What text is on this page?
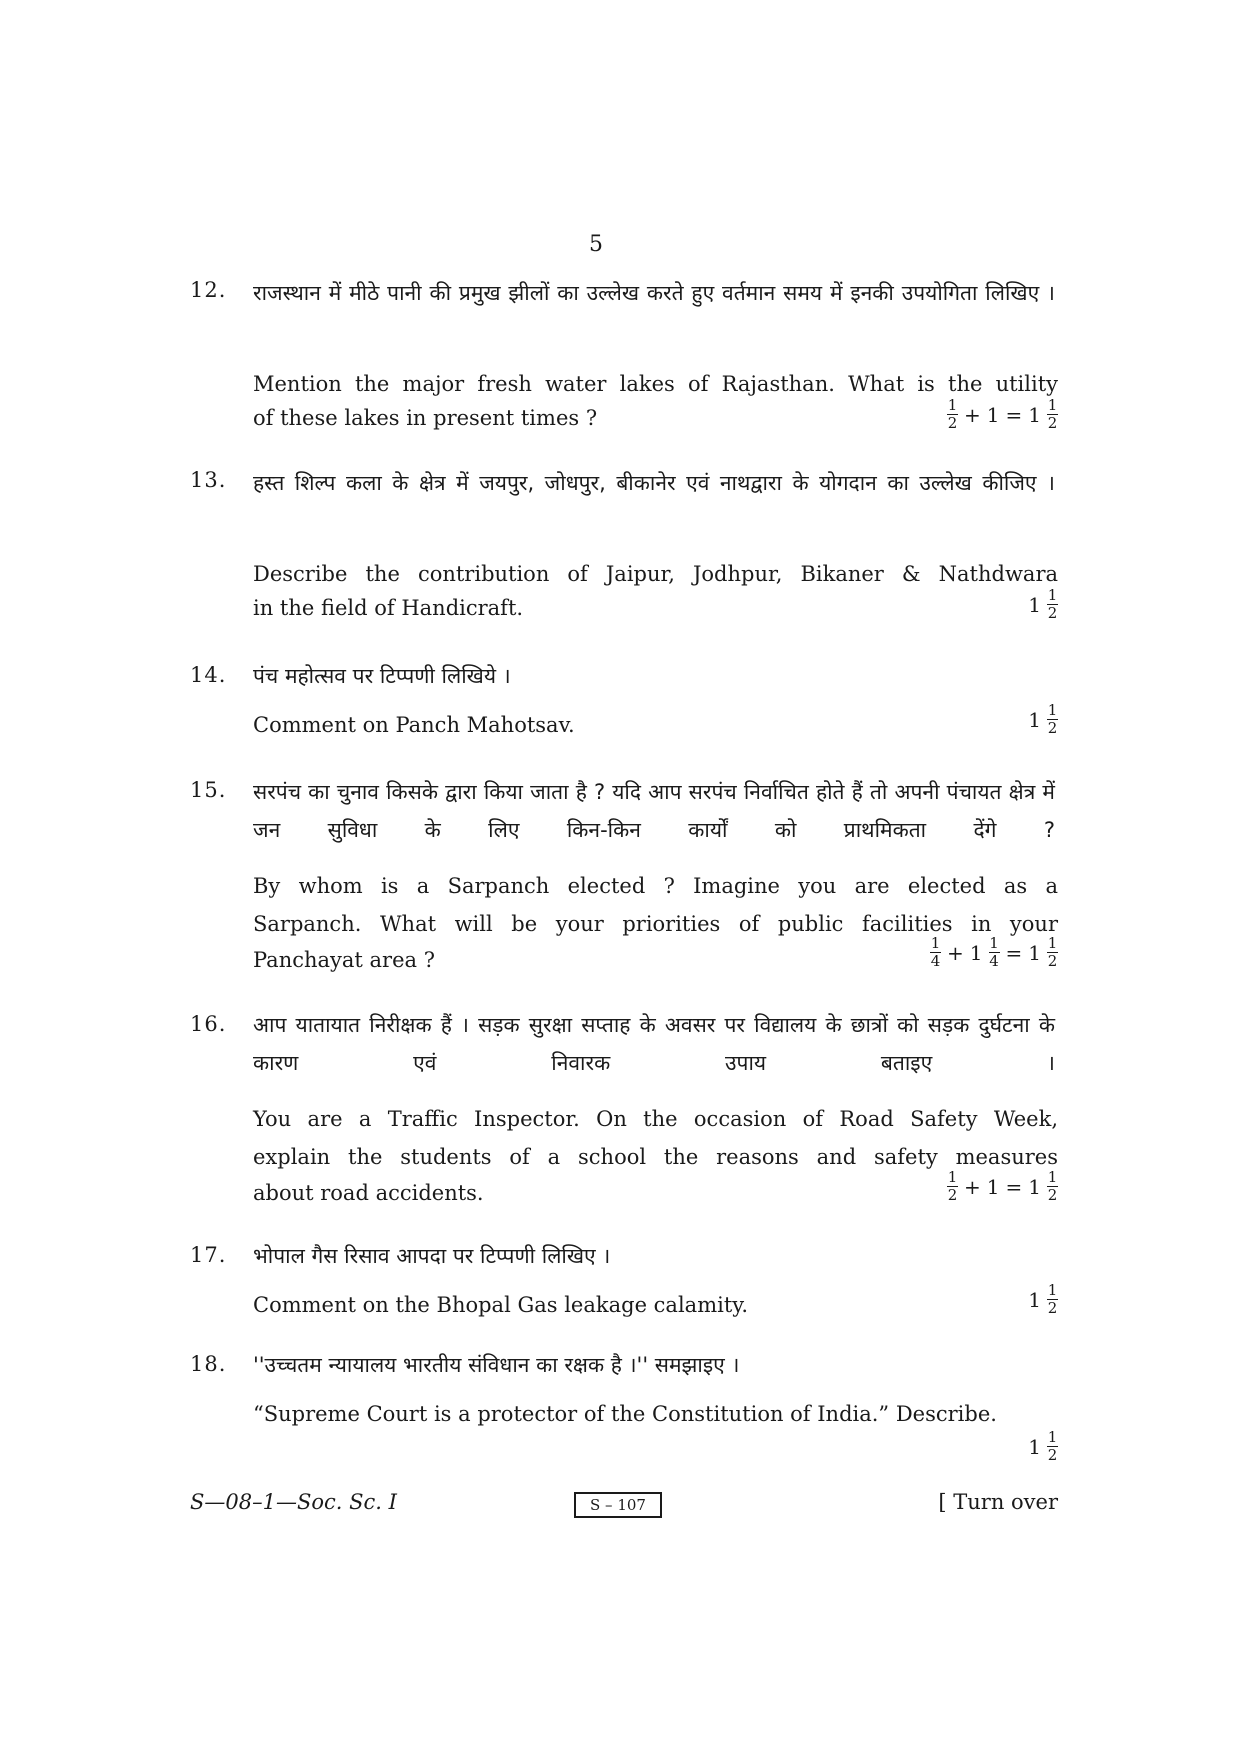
5
12. राजस्थान में मीठे पानी की प्रमुख झीलों का उल्लेख करते हुए वर्तमान समय में इनकी उपयोगिता लिखिए ।
Mention the major fresh water lakes of Rajasthan. What is the utility
of these lakes in present times ?	$\frac{1}{2} + 1 = 1 \frac{1}{2}$
13. हस्त शिल्प कला के क्षेत्र में जयपुर, जोधपुर, बीकानेर एवं नाथद्वारा के योगदान का उल्लेख कीजिए ।
Describe the contribution of Jaipur, Jodhpur, Bikaner & Nathdwara
in the field of Handicraft.	$1 \frac{1}{2}$
14. पंच महोत्सव पर टिप्पणी लिखिये ।
Comment on Panch Mahotsav.	$1 \frac{1}{2}$
15. सरपंच का चुनाव किसके द्वारा किया जाता है ? यदि आप सरपंच निर्वाचित होते हैं तो अपनी पंचायत क्षेत्र में जन सुविधा के लिए किन-किन कार्यों को प्राथमिकता देंगे ?
By whom is a Sarpanch elected ? Imagine you are elected as a
Sarpanch. What will be your priorities of public facilities in your
Panchayat area ?	$\frac{1}{4} + 1 \frac{1}{4} = 1 \frac{1}{2}$
16. आप यातायात निरीक्षक हैं । सड़क सुरक्षा सप्ताह के अवसर पर विद्यालय के छात्रों को सड़क दुर्घटना के कारण एवं निवारक उपाय बताइए ।
You are a Traffic Inspector. On the occasion of Road Safety Week,
explain the students of a school the reasons and safety measures
about road accidents.	$\frac{1}{2} + 1 = 1 \frac{1}{2}$
17. भोपाल गैस रिसाव आपदा पर टिप्पणी लिखिए ।
Comment on the Bhopal Gas leakage calamity.	$1 \frac{1}{2}$
18. ''उच्चतम न्यायालय भारतीय संविधान का रक्षक है ।'' समझाइए ।
“Supreme Court is a protector of the Constitution of India.” Describe.
$1 \frac{1}{2}$
S—08–1—Soc. Sc. I	S – 107	[ Turn over
